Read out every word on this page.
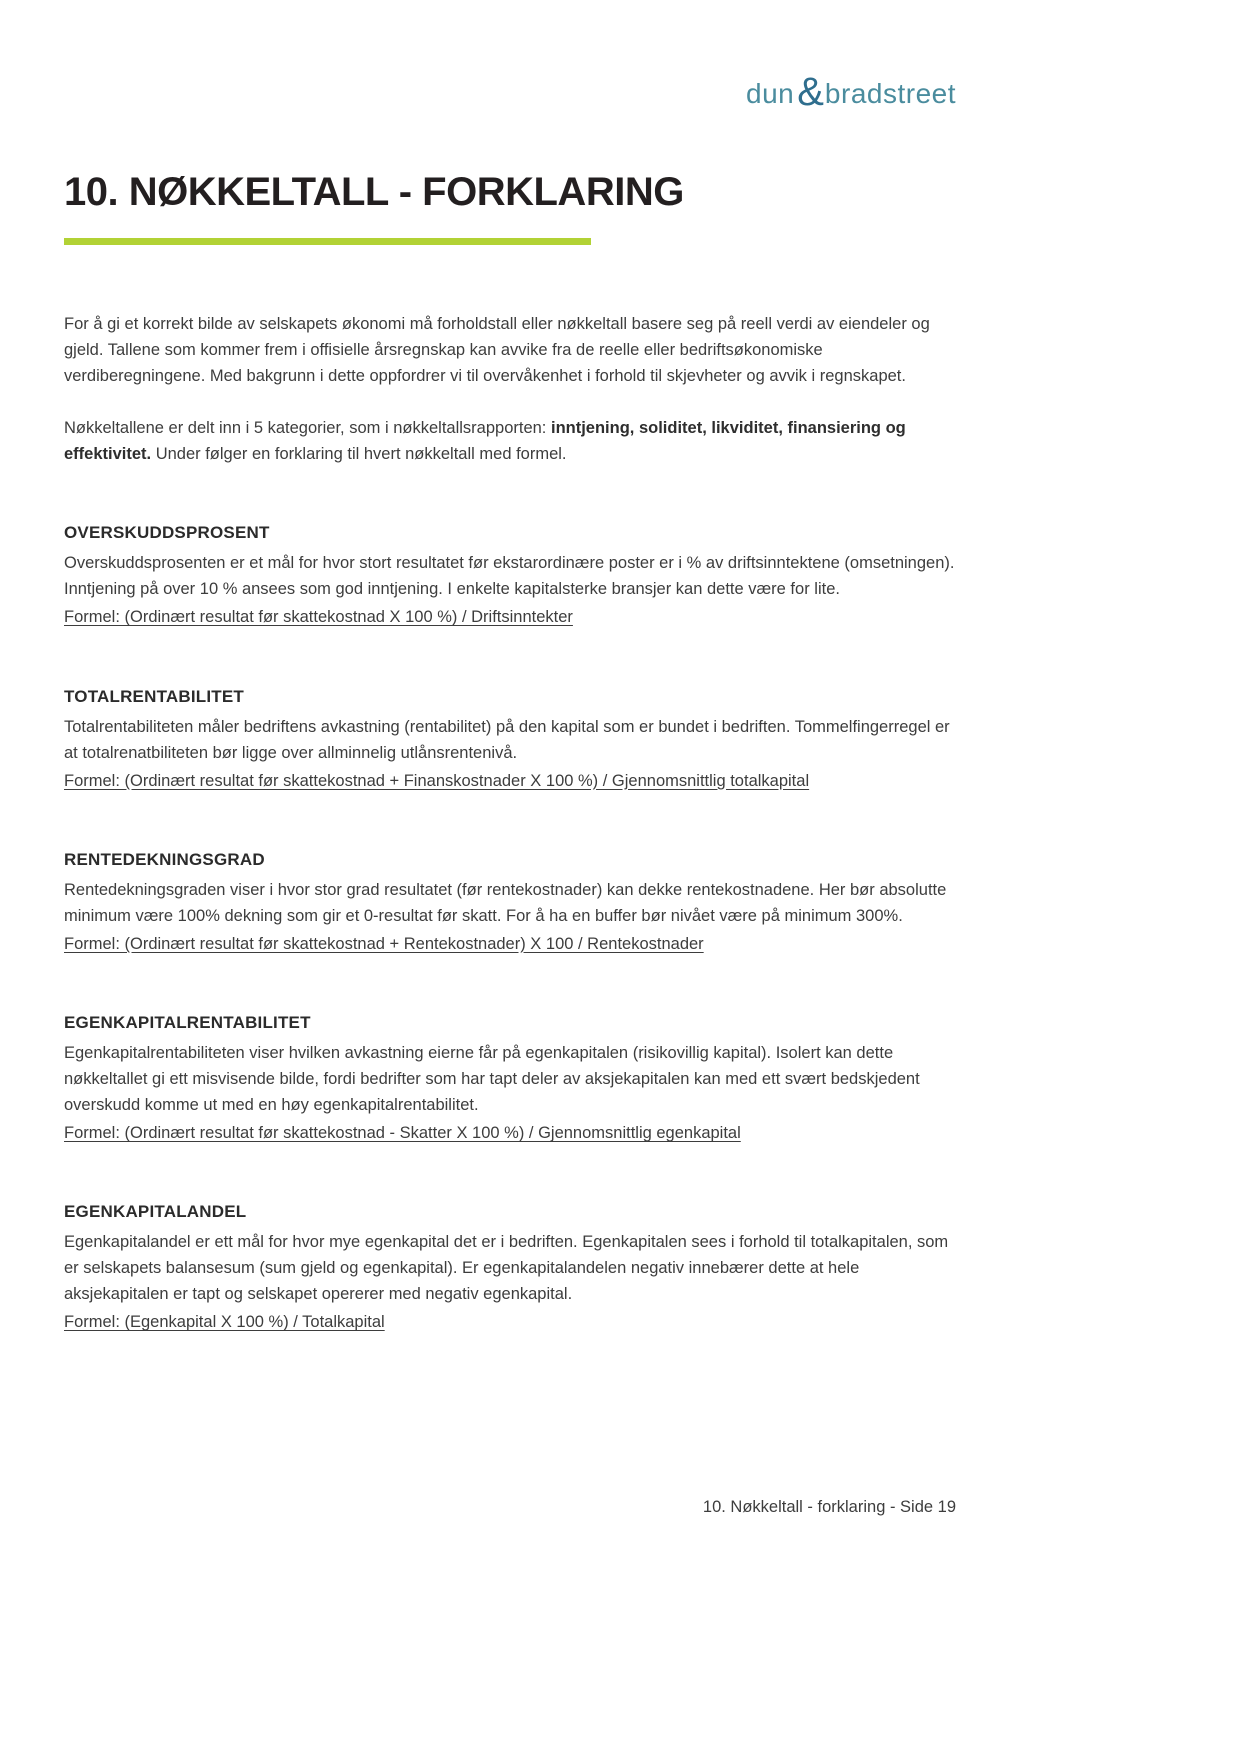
dun & bradstreet
10. NØKKELTALL - FORKLARING

For å gi et korrekt bilde av selskapets økonomi må forholdstall eller nøkkeltall basere seg på reell verdi av eiendeler og gjeld. Tallene som kommer frem i offisielle årsregnskap kan avvike fra de reelle eller bedriftsøkonomiske verdiberegningene. Med bakgrunn i dette oppfordrer vi til overvåkenhet i forhold til skjevheter og avvik i regnskapet.

Nøkkeltallene er delt inn i 5 kategorier, som i nøkkeltallsrapporten: inntjening, soliditet, likviditet, finansiering og effektivitet. Under følger en forklaring til hvert nøkkeltall med formel.

OVERSKUDDSPROSENT

Overskuddsprosenten er et mål for hvor stort resultatet før ekstarordinære poster er i % av driftsinntektene (omsetningen). Inntjening på over 10 % ansees som god inntjening. I enkelte kapitalsterke bransjer kan dette være for lite.

Formel: (Ordinært resultat før skattekostnad X 100 %) / Driftsinntekter

TOTALRENTABILITET

Totalrentabiliteten måler bedriftens avkastning (rentabilitet) på den kapital som er bundet i bedriften. Tommelfingerregel er at totalrenatbiliteten bør ligge over allminnelig utlånsrentenivå.

Formel: (Ordinært resultat før skattekostnad + Finanskostnader X 100 %) / Gjennomsnittlig totalkapital

RENTEDEKNINGSGRAD

Rentedekningsgraden viser i hvor stor grad resultatet (før rentekostnader) kan dekke rentekostnadene. Her bør absolutte minimum være 100% dekning som gir et 0-resultat før skatt. For å ha en buffer bør nivået være på minimum 300%.

Formel: (Ordinært resultat før skattekostnad + Rentekostnader) X 100 / Rentekostnader

EGENKAPITALRENTABILITET

Egenkapitalrentabiliteten viser hvilken avkastning eierne får på egenkapitalen (risikovillig kapital). Isolert kan dette nøkkeltallet gi ett misvisende bilde, fordi bedrifter som har tapt deler av aksjekapitalen kan med ett svært bedskjedent overskudd komme ut med en høy egenkapitalrentabilitet.

Formel: (Ordinært resultat før skattekostnad - Skatter X 100 %) / Gjennomsnittlig egenkapital

EGENKAPITALANDEL

Egenkapitalandel er ett mål for hvor mye egenkapital det er i bedriften. Egenkapitalen sees i forhold til totalkapitalen, som er selskapets balansesum (sum gjeld og egenkapital). Er egenkapitalandelen negativ innebærer dette at hele aksjekapitalen er tapt og selskapet opererer med negativ egenkapital.

Formel: (Egenkapital X 100 %) / Totalkapital

10. Nøkkeltall - forklaring - Side 19
